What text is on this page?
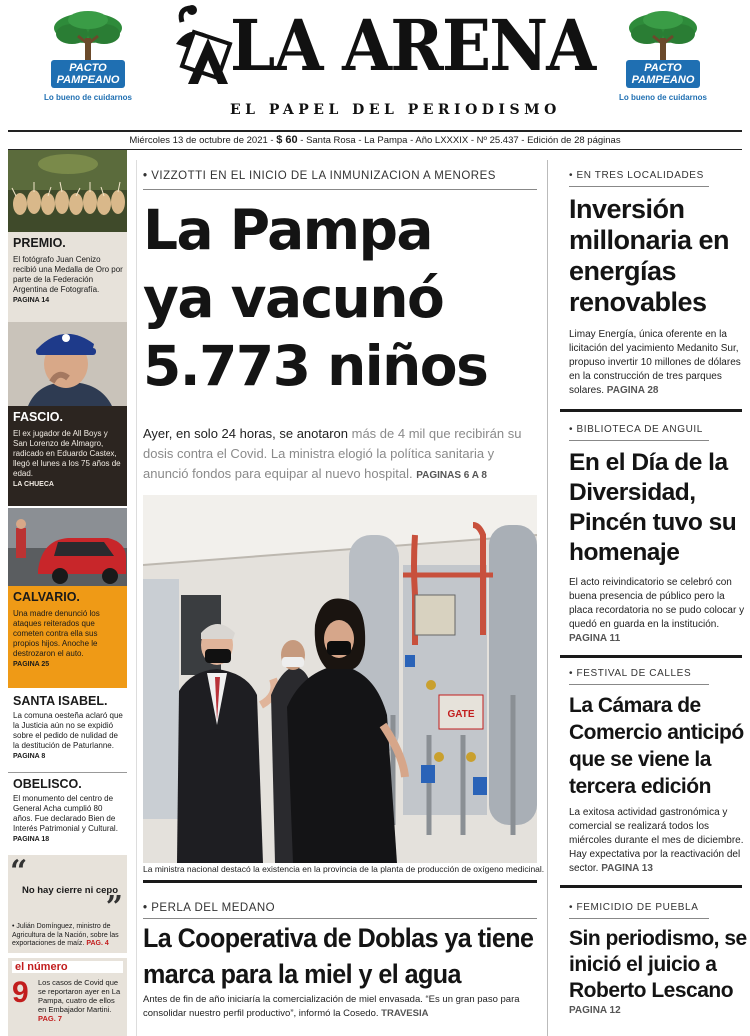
PACTO
PAMPEANO
Lo bueno de cuidarnos
LA ARENA
EL PAPEL DEL PERIODISMO
PACTO
PAMPEANO
Lo bueno de cuidarnos
Miércoles 13 de octubre de 2021 - $ 60 - Santa Rosa - La Pampa - Año LXXXIX - Nº 25.437 - Edición de 28 páginas
PREMIO.
El fotógrafo Juan Cenizo recibió una Medalla de Oro por parte de la Federación Argentina de Fotografía. PAGINA 14
FASCIO.
El ex jugador de All Boys y San Lorenzo de Almagro, radicado en Eduardo Castex, llegó el lunes a los 75 años de edad.
LA CHUECA
CALVARIO.
Una madre denunció los ataques reiterados que cometen contra ella sus propios hijos. Anoche le destrozaron el auto.
PAGINA 25
SANTA ISABEL.
La comuna oesteña aclaró que la Justicia aún no se expidió sobre el pedido de nulidad de la destitución de Paturlanne. PAGINA 8
OBELISCO.
El monumento del centro de General Acha cumplió 80 años. Fue declarado Bien de Interés Patrimonial y Cultural. PAGINA 18
“
No hay cierre ni cepo
”
• Julián Domínguez, ministro de Agricultura de la Nación, sobre las exportaciones de maíz. PAG. 4
el número
9 Los casos de Covid que se reportaron ayer en La Pampa, cuatro de ellos en Embajador Martini. PAG. 7
• VIZZOTTI EN EL INICIO DE LA INMUNIZACION A MENORES
La Pampa
ya vacunó
5.773 niños
Ayer, en solo 24 horas, se anotaron más de 4 mil que recibirán su dosis contra el Covid. La ministra elogió la política sanitaria y anunció fondos para equipar al nuevo hospital. PAGINAS 6 A 8
GATE
La ministra nacional destacó la existencia en la provincia de la planta de producción de oxígeno medicinal.
• PERLA DEL MEDANO
La Cooperativa de Doblas ya tiene
marca para la miel y el agua
Antes de fin de año iniciaría la comercialización de miel envasada. “Es un gran paso para consolidar nuestro perfil productivo”, informó la Cosedo. TRAVESIA
• EN TRES LOCALIDADES
Inversión millonaria en energías renovables
Limay Energía, única oferente en la licitación del yacimiento Medanito Sur, propuso invertir 10 millones de dólares en la construcción de tres parques solares. PAGINA 28
• BIBLIOTECA DE ANGUIL
En el Día de la Diversidad, Pincén tuvo su homenaje
El acto reivindicatorio se celebró con buena presencia de público pero la placa recordatoria no se pudo colocar y quedó en guarda en la institución. PAGINA 11
• FESTIVAL DE CALLES
La Cámara de Comercio anticipó que se viene la tercera edición
La exitosa actividad gastronómica y comercial se realizará todos los miércoles durante el mes de diciembre. Hay expectativa por la reactivación del sector. PAGINA 13
• FEMICIDIO DE PUEBLA
Sin periodismo, se inició el juicio a Roberto Lescano
PAGINA 12
